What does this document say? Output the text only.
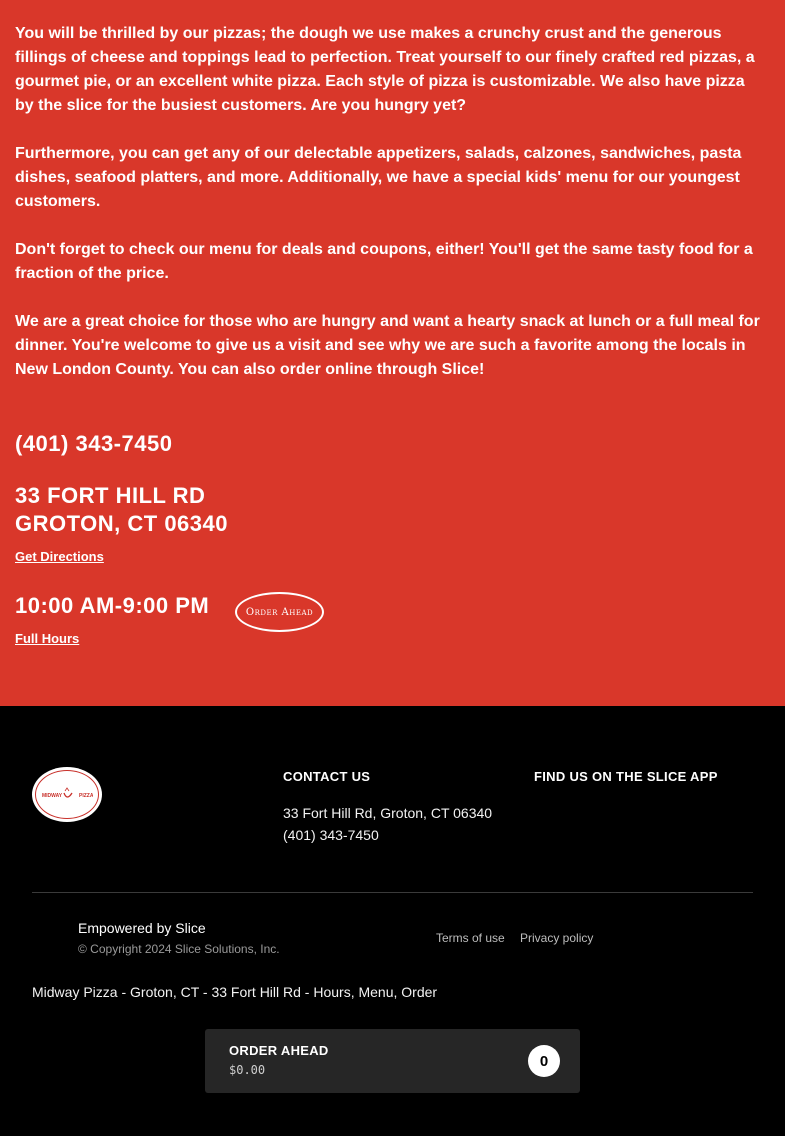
You will be thrilled by our pizzas; the dough we use makes a crunchy crust and the generous fillings of cheese and toppings lead to perfection. Treat yourself to our finely crafted red pizzas, a gourmet pie, or an excellent white pizza. Each style of pizza is customizable. We also have pizza by the slice for the busiest customers. Are you hungry yet?

Furthermore, you can get any of our delectable appetizers, salads, calzones, sandwiches, pasta dishes, seafood platters, and more. Additionally, we have a special kids' menu for our youngest customers.

Don't forget to check our menu for deals and coupons, either! You'll get the same tasty food for a fraction of the price.

We are a great choice for those who are hungry and want a hearty snack at lunch or a full meal for dinner. You're welcome to give us a visit and see why we are such a favorite among the locals in New London County. You can also order online through Slice!

(401) 343-7450
33 FORT HILL RD
GROTON, CT 06340
Get Directions
10:00 AM-9:00 PM	Order Ahead
Full Hours
MIDWAY	PIZZA
CONTACT US
33 Fort Hill Rd, Groton, CT 06340
(401) 343-7450
FIND US ON THE SLICE APP
Empowered by Slice
© Copyright 2024 Slice Solutions, Inc.
Terms of use Privacy policy
Midway Pizza - Groton, CT - 33 Fort Hill Rd - Hours, Menu, Order
ORDER AHEAD
$0.00
0
